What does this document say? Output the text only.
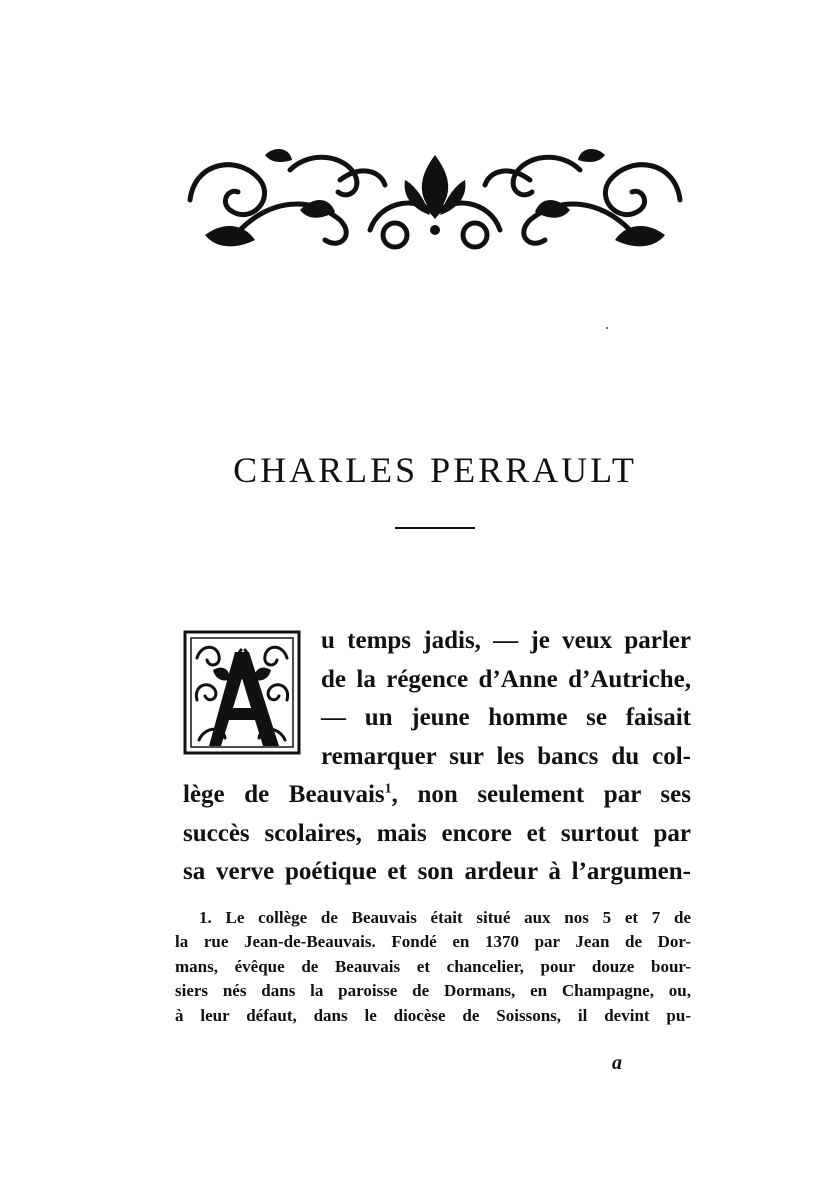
CHARLES PERRAULT
u temps jadis, — je veux parler
de la régence d’Anne d’Autriche,
— un jeune homme se faisait
remarquer sur les bancs du col-
lège de Beauvais$^1$, non seulement par ses
succès scolaires, mais encore et surtout par
sa verve poétique et son ardeur à l’argumen-
1. Le collège de Beauvais était situé aux nos 5 et 7 de
la rue Jean-de-Beauvais. Fondé en 1370 par Jean de Dor-
mans, évêque de Beauvais et chancelier, pour douze bour-
siers nés dans la paroisse de Dormans, en Champagne, ou,
à leur défaut, dans le diocèse de Soissons, il devint pu-
a
